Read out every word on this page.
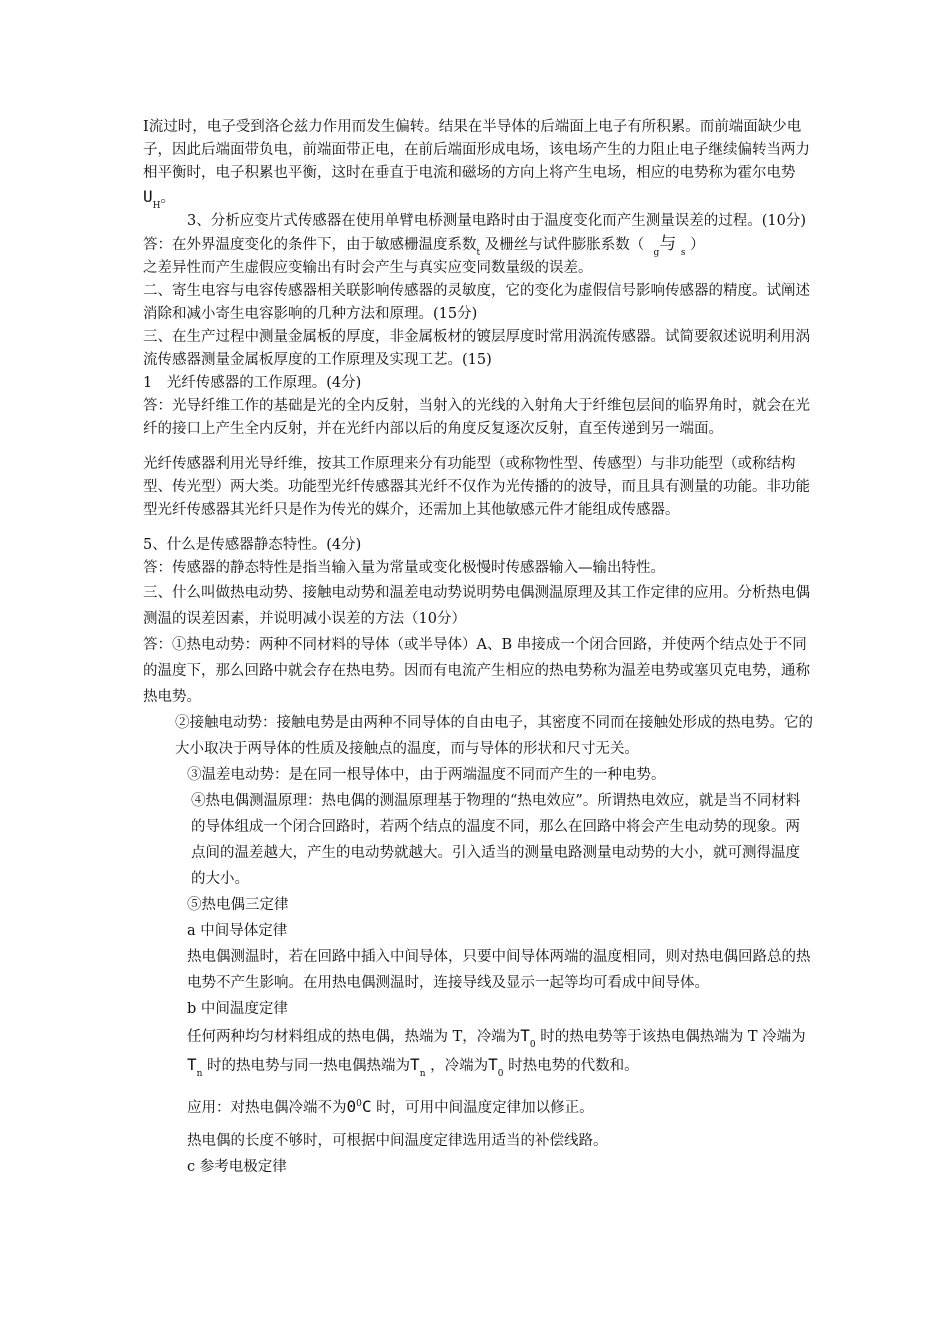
I流过时，电子受到洛仑兹力作用而发生偏转。结果在半导体的后端面上电子有所积累。而前端面缺少电子，因此后端面带负电，前端面带正电，在前后端面形成电场，该电场产生的力阻止电子继续偏转当两力相平衡时，电子积累也平衡，这时在垂直于电流和磁场的方向上将产生电场，相应的电势称为霍尔电势$U_H$。

3、分析应变片式传感器在使用单臂电桥测量电路时由于温度变化而产生测量误差的过程。(10分)

答：在外界温度变化的条件下，由于敏感栅温度系数$_t$ 及栅丝与试件膨胀系数（ $_g$与 $_s$ ）

之差异性而产生虚假应变输出有时会产生与真实应变同数量级的误差。

二、寄生电容与电容传感器相关联影响传感器的灵敏度，它的变化为虚假信号影响传感器的精度。试阐述消除和减小寄生电容影响的几种方法和原理。(15分)

三、在生产过程中测量金属板的厚度，非金属板材的镀层厚度时常用涡流传感器。试简要叙述说明利用涡流传感器测量金属板厚度的工作原理及实现工艺。(15)

1　光纤传感器的工作原理。(4分)

答：光导纤维工作的基础是光的全内反射，当射入的光线的入射角大于纤维包层间的临界角时，就会在光纤的接口上产生全内反射，并在光纤内部以后的角度反复逐次反射，直至传递到另一端面。

光纤传感器利用光导纤维，按其工作原理来分有功能型（或称物性型、传感型）与非功能型（或称结构型、传光型）两大类。功能型光纤传感器其光纤不仅作为光传播的的波导，而且具有测量的功能。非功能型光纤传感器其光纤只是作为传光的媒介，还需加上其他敏感元件才能组成传感器。

5、什么是传感器静态特性。(4分)

答：传感器的静态特性是指当输入量为常量或变化极慢时传感器输入—输出特性。

三、什么叫做热电动势、接触电动势和温差电动势说明势电偶测温原理及其工作定律的应用。分析热电偶测温的误差因素，并说明减小误差的方法（10分）

答：①热电动势：两种不同材料的导体（或半导体）A、B 串接成一个闭合回路，并使两个结点处于不同的温度下，那么回路中就会存在热电势。因而有电流产生相应的热电势称为温差电势或塞贝克电势，通称热电势。

②接触电动势：接触电势是由两种不同导体的自由电子，其密度不同而在接触处形成的热电势。它的大小取决于两导体的性质及接触点的温度，而与导体的形状和尺寸无关。

③温差电动势：是在同一根导体中，由于两端温度不同而产生的一种电势。

④热电偶测温原理：热电偶的测温原理基于物理的“热电效应”。所谓热电效应，就是当不同材料的导体组成一个闭合回路时，若两个结点的温度不同，那么在回路中将会产生电动势的现象。两点间的温差越大，产生的电动势就越大。引入适当的测量电路测量电动势的大小，就可测得温度的大小。

⑤热电偶三定律

a 中间导体定律

热电偶测温时，若在回路中插入中间导体，只要中间导体两端的温度相同，则对热电偶回路总的热电势不产生影响。在用热电偶测温时，连接导线及显示一起等均可看成中间导体。

b 中间温度定律

任何两种均匀材料组成的热电偶，热端为 T，冷端为$T_0$ 时的热电势等于该热电偶热端为 T 冷端为$T_n$ 时的热电势与同一热电偶热端为$T_n$ ，冷端为$T_0$ 时热电势的代数和。

应用：对热电偶冷端不为$0^0C$ 时，可用中间温度定律加以修正。

热电偶的长度不够时，可根据中间温度定律选用适当的补偿线路。

c 参考电极定律
